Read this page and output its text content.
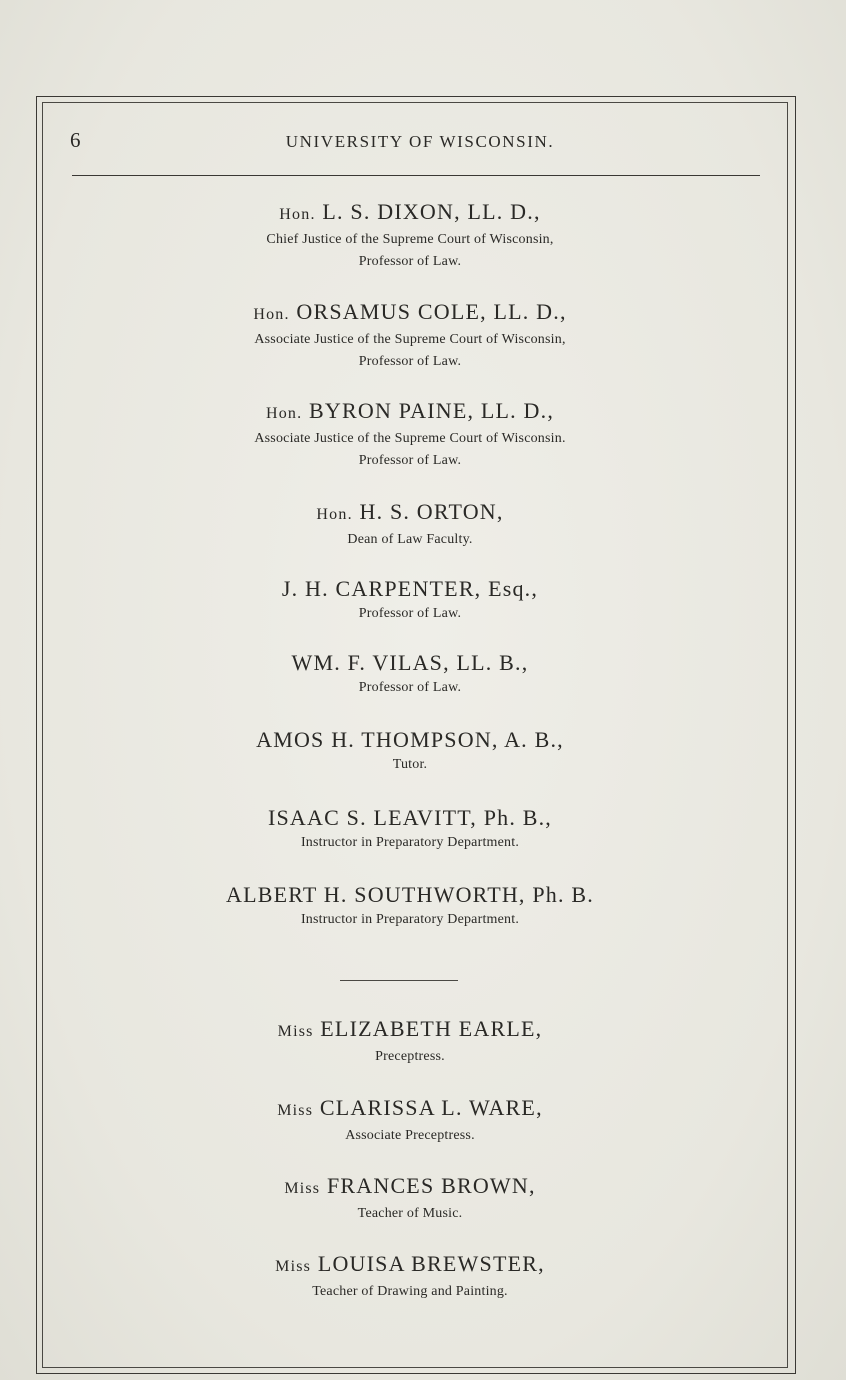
6	UNIVERSITY OF WISCONSIN.
Hon. L. S. DIXON, LL. D.,
Chief Justice of the Supreme Court of Wisconsin,
Professor of Law.
Hon. ORSAMUS COLE, LL. D.,
Associate Justice of the Supreme Court of Wisconsin,
Professor of Law.
Hon. BYRON PAINE, LL. D.,
Associate Justice of the Supreme Court of Wisconsin.
Professor of Law.
Hon. H. S. ORTON,
Dean of Law Faculty.
J. H. CARPENTER, Esq.,
Professor of Law.
WM. F. VILAS, LL. B.,
Professor of Law.
AMOS H. THOMPSON, A. B.,
Tutor.
ISAAC S. LEAVITT, Ph. B.,
Instructor in Preparatory Department.
ALBERT H. SOUTHWORTH, Ph. B.
Instructor in Preparatory Department.
Miss ELIZABETH EARLE,
Preceptress.
Miss CLARISSA L. WARE,
Associate Preceptress.
Miss FRANCES BROWN,
Teacher of Music.
Miss LOUISA BREWSTER,
Teacher of Drawing and Painting.
